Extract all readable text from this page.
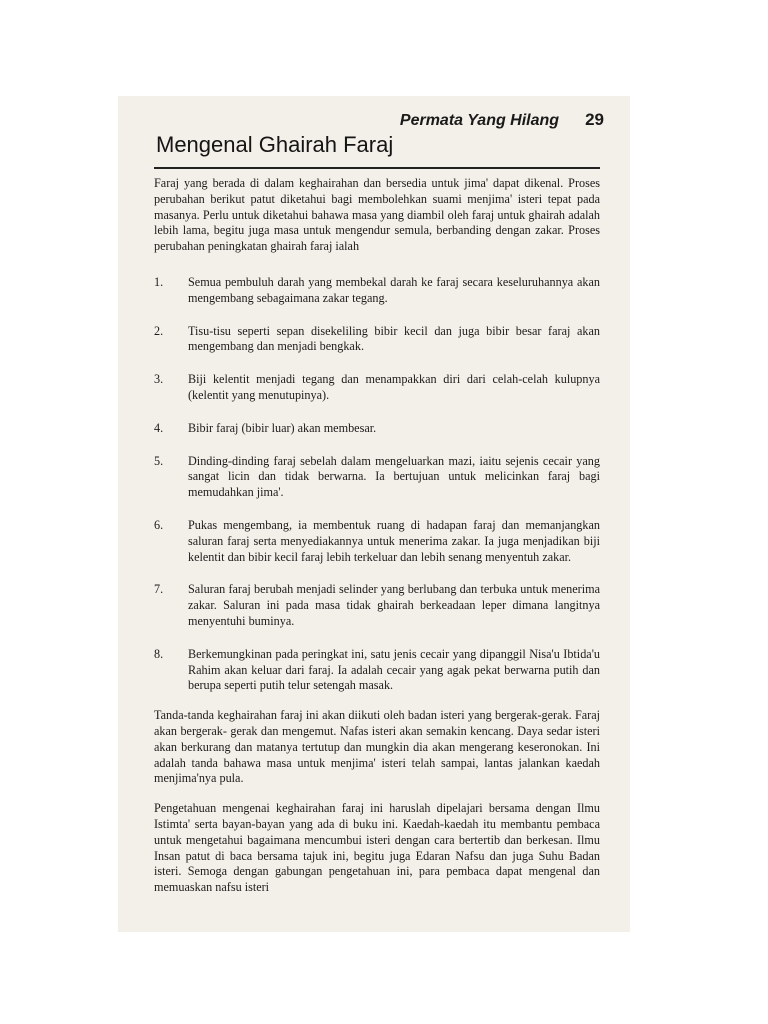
Permata Yang Hilang 29
Mengenal Ghairah Faraj

Faraj yang berada di dalam keghairahan dan bersedia untuk jima' dapat dikenal. Proses perubahan berikut patut diketahui bagi membolehkan suami menjima' isteri tepat pada masanya. Perlu untuk diketahui bahawa masa yang diambil oleh faraj untuk ghairah adalah lebih lama, begitu juga masa untuk mengendur semula, berbanding dengan zakar. Proses perubahan peningkatan ghairah faraj ialah

1.	Semua pembuluh darah yang membekal darah ke faraj secara keseluruhannya akan mengembang sebagaimana zakar tegang.
2.	Tisu-tisu seperti sepan disekeliling bibir kecil dan juga bibir besar faraj akan mengembang dan menjadi bengkak.
3.	Biji kelentit menjadi tegang dan menampakkan diri dari celah-celah kulupnya (kelentit yang menutupinya).
4.	Bibir faraj (bibir luar) akan membesar.
5.	Dinding-dinding faraj sebelah dalam mengeluarkan mazi, iaitu sejenis cecair yang sangat licin dan tidak berwarna. Ia bertujuan untuk melicinkan faraj bagi memudahkan jima'.
6.	Pukas mengembang, ia membentuk ruang di hadapan faraj dan memanjangkan saluran faraj serta menyediakannya untuk menerima zakar. Ia juga menjadikan biji kelentit dan bibir kecil faraj lebih terkeluar dan lebih senang menyentuh zakar.
7.	Saluran faraj berubah menjadi selinder yang berlubang dan terbuka untuk menerima zakar. Saluran ini pada masa tidak ghairah berkeadaan leper dimana langitnya menyentuhi buminya.
8.	Berkemungkinan pada peringkat ini, satu jenis cecair yang dipanggil Nisa'u Ibtida'u Rahim akan keluar dari faraj. Ia adalah cecair yang agak pekat berwarna putih dan berupa seperti putih telur setengah masak.

Tanda-tanda keghairahan faraj ini akan diikuti oleh badan isteri yang bergerak-gerak. Faraj akan bergerak- gerak dan mengemut. Nafas isteri akan semakin kencang. Daya sedar isteri akan berkurang dan matanya tertutup dan mungkin dia akan mengerang keseronokan. Ini adalah tanda bahawa masa untuk menjima' isteri telah sampai, lantas jalankan kaedah menjima'nya pula.

Pengetahuan mengenai keghairahan faraj ini haruslah dipelajari bersama dengan Ilmu Istimta' serta bayan-bayan yang ada di buku ini. Kaedah-kaedah itu membantu pembaca untuk mengetahui bagaimana mencumbui isteri dengan cara bertertib dan berkesan. Ilmu Insan patut di baca bersama tajuk ini, begitu juga Edaran Nafsu dan juga Suhu Badan isteri. Semoga dengan gabungan pengetahuan ini, para pembaca dapat mengenal dan memuaskan nafsu isteri
